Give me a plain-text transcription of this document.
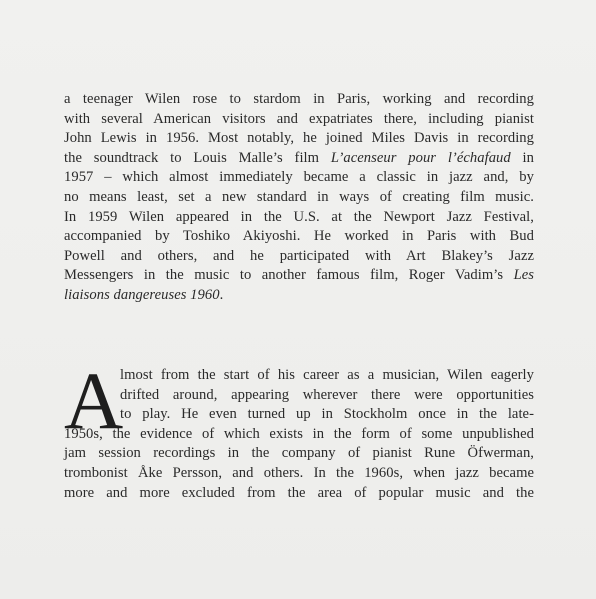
a teenager Wilen rose to stardom in Paris, working and recording
with several American visitors and expatriates there, including pianist
John Lewis in 1956. Most notably, he joined Miles Davis in recording
the soundtrack to Louis Malle’s film L’acenseur pour l’échafaud in
1957 – which almost immediately became a classic in jazz and, by
no means least, set a new standard in ways of creating film music.
In 1959 Wilen appeared in the U.S. at the Newport Jazz Festival,
accompanied by Toshiko Akiyoshi. He worked in Paris with Bud
Powell and others, and he participated with Art Blakey’s Jazz
Messengers in the music to another famous film, Roger Vadim’s Les
liaisons dangereuses 1960.
A
lmost from the start of his career as a musician, Wilen eagerly
drifted around, appearing wherever there were opportunities
to play. He even turned up in Stockholm once in the late-
1950s, the evidence of which exists in the form of some unpublished
jam session recordings in the company of pianist Rune Öfwerman,
trombonist Åke Persson, and others. In the 1960s, when jazz became
more and more excluded from the area of popular music and the
